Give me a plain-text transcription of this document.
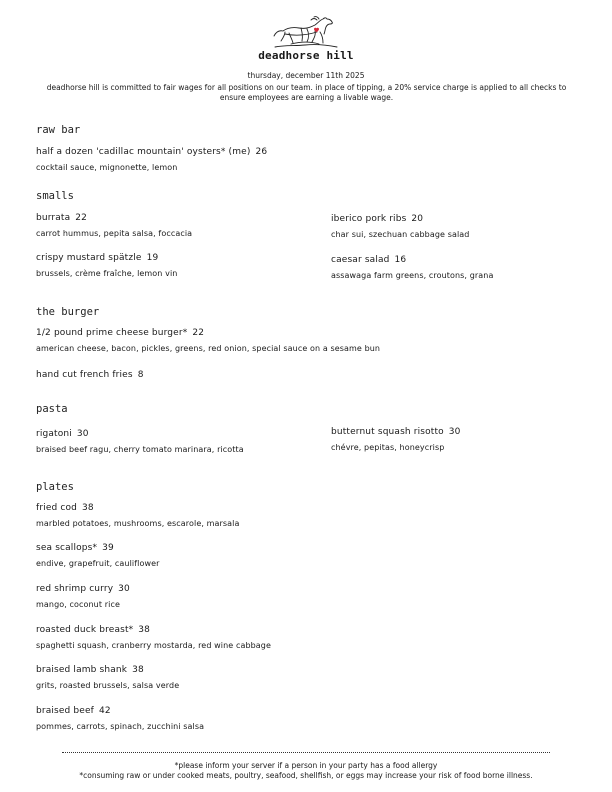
deadhorse hill
thursday, december 11th 2025
deadhorse hill is committed to fair wages for all positions on our team. in place of tipping, a 20% service charge is applied to all checks to ensure employees are earning a livable wage.
raw bar
half a dozen 'cadillac mountain' oysters* (me) 26
cocktail sauce, mignonette, lemon
smalls
burrata 22
carrot hummus, pepita salsa, foccacia
crispy mustard spätzle 19
brussels, crème fraîche, lemon vin
iberico pork ribs 20
char sui, szechuan cabbage salad
caesar salad 16
assawaga farm greens, croutons, grana
the burger
1/2 pound prime cheese burger* 22
american cheese, bacon, pickles, greens, red onion, special sauce on a sesame bun
hand cut french fries 8
pasta
rigatoni 30
braised beef ragu, cherry tomato marinara, ricotta
butternut squash risotto 30
chévre, pepitas, honeycrisp
plates
fried cod 38
marbled potatoes, mushrooms, escarole, marsala
sea scallops* 39
endive, grapefruit, cauliflower
red shrimp curry 30
mango, coconut rice
roasted duck breast* 38
spaghetti squash, cranberry mostarda, red wine cabbage
braised lamb shank 38
grits, roasted brussels, salsa verde
braised beef 42
pommes, carrots, spinach, zucchini salsa
*please inform your server if a person in your party has a food allergy
*consuming raw or under cooked meats, poultry, seafood, shellfish, or eggs may increase your risk of food borne illness.
